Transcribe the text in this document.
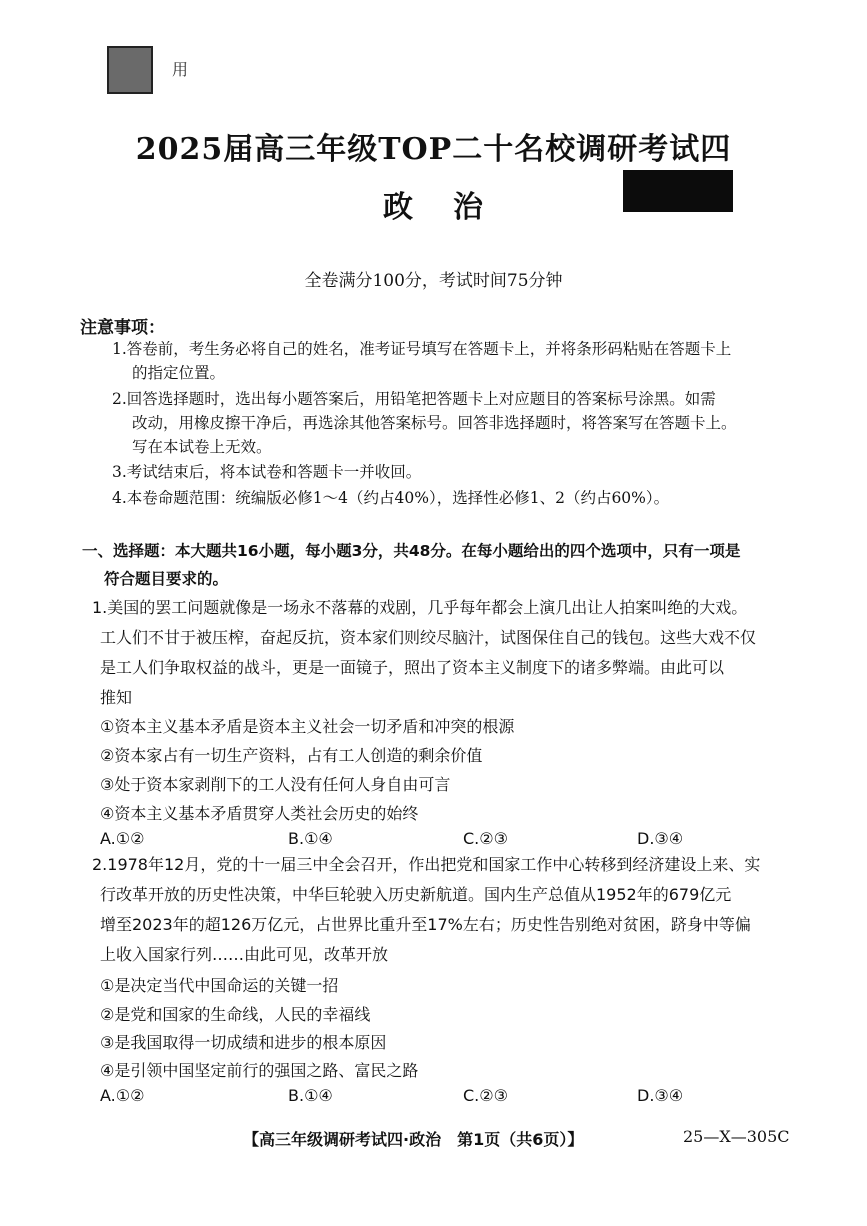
用
2025届高三年级TOP二十名校调研考试四
政治
全卷满分100分，考试时间75分钟
注意事项：
1.答卷前，考生务必将自己的姓名，准考证号填写在答题卡上，并将条形码粘贴在答题卡上
的指定位置。
2.回答选择题时，选出每小题答案后，用铅笔把答题卡上对应题目的答案标号涂黑。如需
改动，用橡皮擦干净后，再选涂其他答案标号。回答非选择题时，将答案写在答题卡上。
写在本试卷上无效。
3.考试结束后，将本试卷和答题卡一并收回。
4.本卷命题范围：统编版必修1～4（约占40%），选择性必修1、2（约占60%）。
一、选择题：本大题共16小题，每小题3分，共48分。在每小题给出的四个选项中，只有一项是
符合题目要求的。
1.美国的罢工问题就像是一场永不落幕的戏剧，几乎每年都会上演几出让人拍案叫绝的大戏。
工人们不甘于被压榨，奋起反抗，资本家们则绞尽脑汁，试图保住自己的钱包。这些大戏不仅
是工人们争取权益的战斗，更是一面镜子，照出了资本主义制度下的诸多弊端。由此可以
推知
①资本主义基本矛盾是资本主义社会一切矛盾和冲突的根源
②资本家占有一切生产资料，占有工人创造的剩余价值
③处于资本家剥削下的工人没有任何人身自由可言
④资本主义基本矛盾贯穿人类社会历史的始终
A.①②	B.①④	C.②③	D.③④
2.1978年12月，党的十一届三中全会召开，作出把党和国家工作中心转移到经济建设上来、实
行改革开放的历史性决策，中华巨轮驶入历史新航道。国内生产总值从1952年的679亿元
增至2023年的超126万亿元，占世界比重升至17%左右；历史性告别绝对贫困，跻身中等偏
上收入国家行列……由此可见，改革开放
①是决定当代中国命运的关键一招
②是党和国家的生命线，人民的幸福线
③是我国取得一切成绩和进步的根本原因
④是引领中国坚定前行的强国之路、富民之路
A.①②	B.①④	C.②③	D.③④
【高三年级调研考试四·政治　第1页（共6页）】	25—X—305C
